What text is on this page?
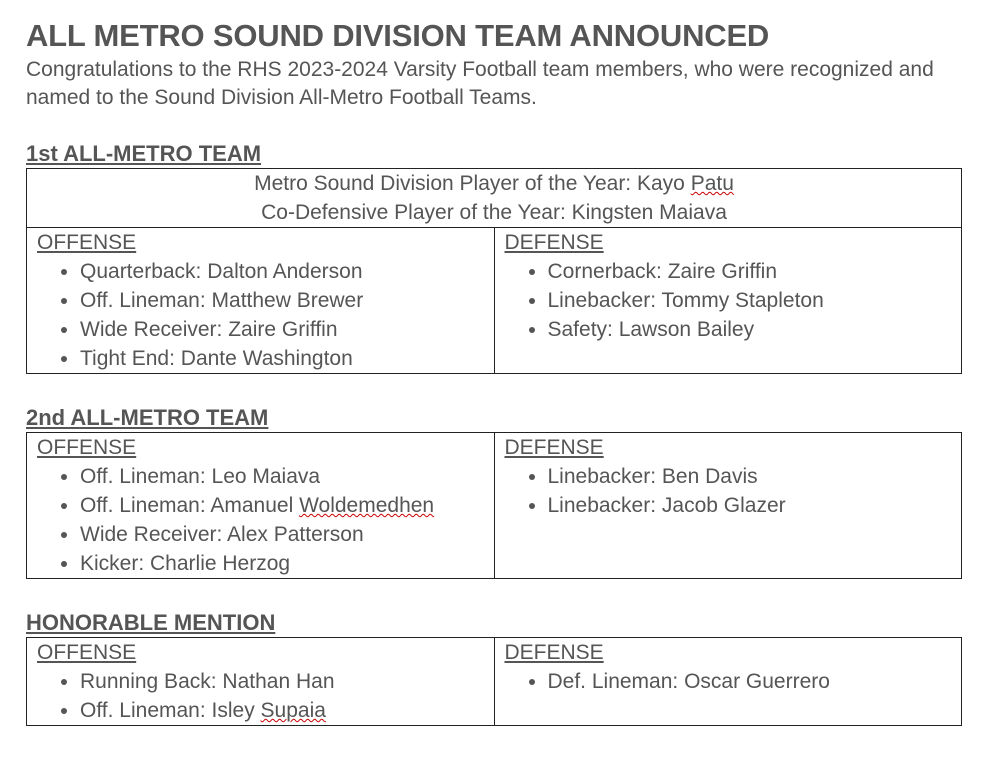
ALL METRO SOUND DIVISION TEAM ANNOUNCED
Congratulations to the RHS 2023-2024 Varsity Football team members, who were recognized and named to the Sound Division All-Metro Football Teams.
1st ALL-METRO TEAM
Metro Sound Division Player of the Year: Kayo Patu
Co-Defensive Player of the Year: Kingsten Maiava

OFFENSE
• Quarterback: Dalton Anderson
• Off. Lineman: Matthew Brewer
• Wide Receiver: Zaire Griffin
• Tight End: Dante Washington

DEFENSE
• Cornerback: Zaire Griffin
• Linebacker: Tommy Stapleton
• Safety: Lawson Bailey
2nd ALL-METRO TEAM
OFFENSE
• Off. Lineman: Leo Maiava
• Off. Lineman: Amanuel Woldemedhen
• Wide Receiver: Alex Patterson
• Kicker: Charlie Herzog

DEFENSE
• Linebacker: Ben Davis
• Linebacker: Jacob Glazer
HONORABLE MENTION
OFFENSE
• Running Back: Nathan Han
• Off. Lineman: Isley Supaia

DEFENSE
• Def. Lineman: Oscar Guerrero
